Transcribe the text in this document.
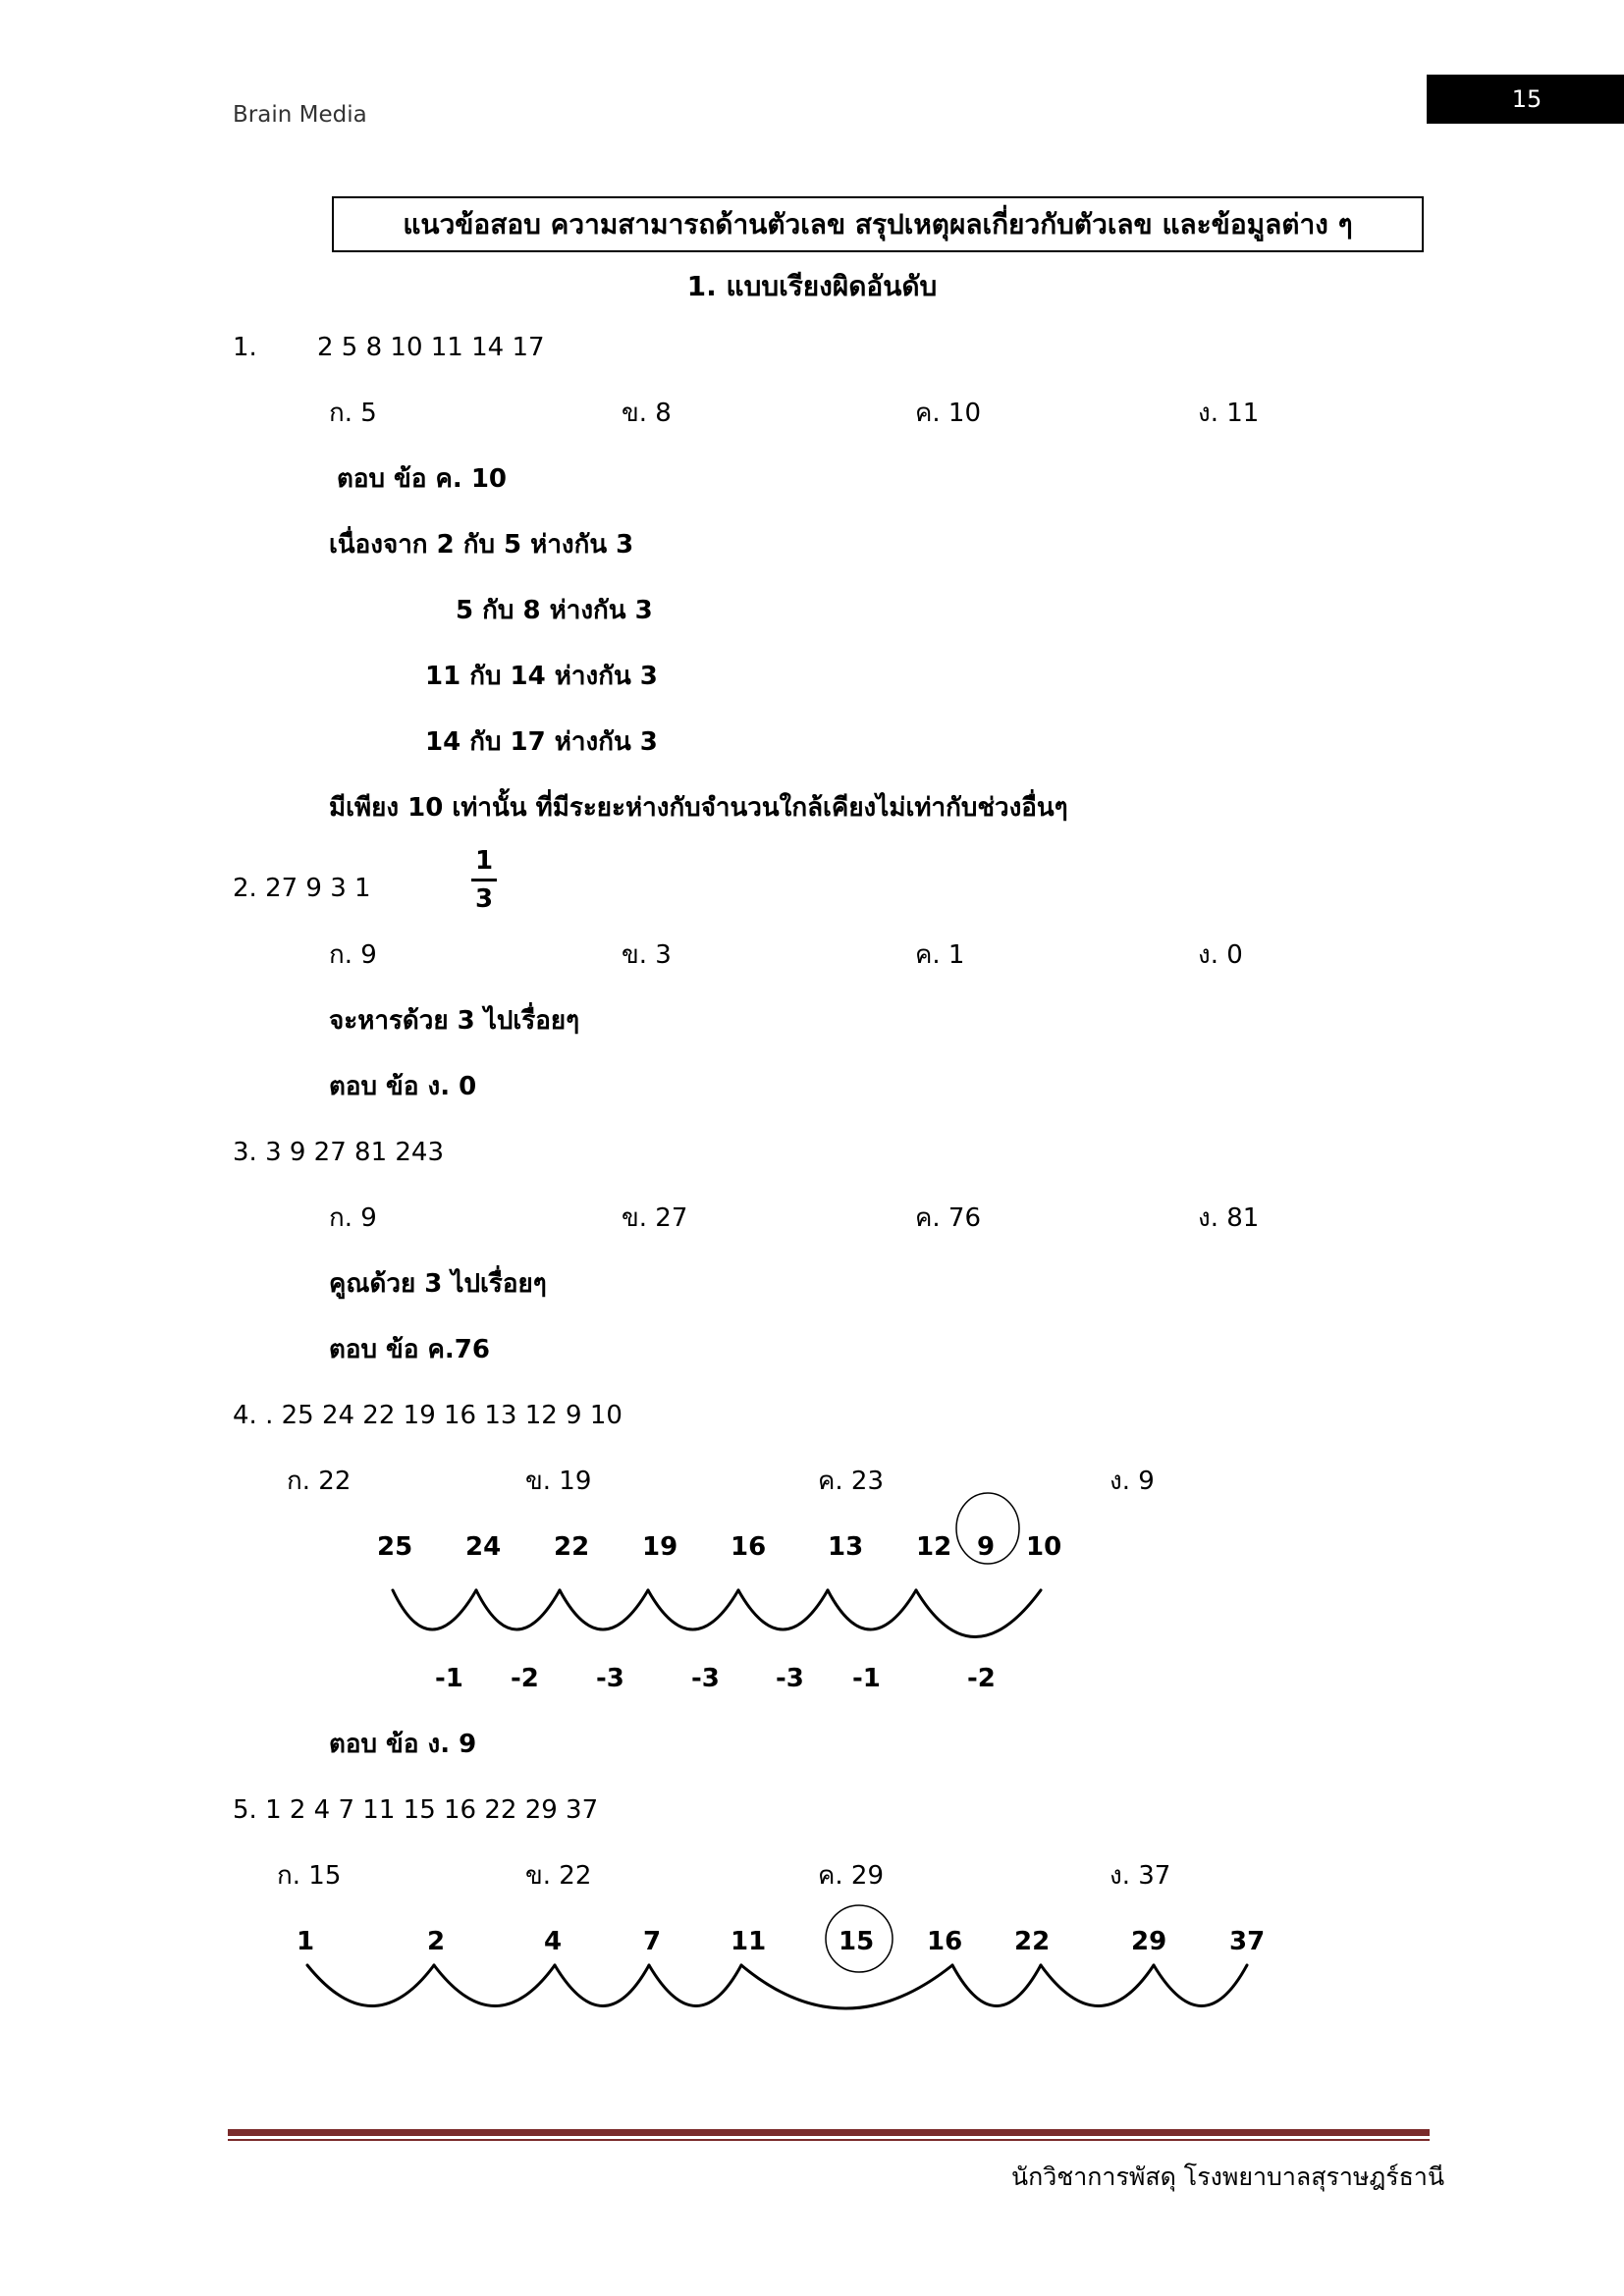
Brain Media
15
แนวข้อสอบ ความสามารถด้านตัวเลข สรุปเหตุผลเกี่ยวกับตัวเลข และข้อมูลต่าง ๆ
1. แบบเรียงผิดอันดับ
1. 2 5 8 10 11 14 17
ก. 5	ข. 8	ค. 10	ง. 11
ตอบ ข้อ ค. 10
เนื่องจาก 2 กับ 5 ห่างกัน 3
5 กับ 8 ห่างกัน 3
11 กับ 14 ห่างกัน 3
14 กับ 17 ห่างกัน 3
มีเพียง 10 เท่านั้น ที่มีระยะห่างกับจำนวนใกล้เคียงไม่เท่ากับช่วงอื่นๆ
2. 27 9 3 1
1
3
ก. 9	ข. 3	ค. 1	ง. 0
จะหารด้วย 3 ไปเรื่อยๆ
ตอบ ข้อ ง. 0
3. 3 9 27 81 243
ก. 9	ข. 27	ค. 76	ง. 81
คูณด้วย 3 ไปเรื่อยๆ
ตอบ ข้อ ค.76
4. . 25 24 22 19 16 13 12 9 10
ก. 22	ข. 19	ค. 23	ง. 9
25 24 22 19 16 13 12 9 10
-1 -2 -3	-3 -3 -1	-2
ตอบ ข้อ ง. 9
5. 1 2 4 7 11 15 16 22 29 37
ก. 15	ข. 22	ค. 29	ง. 37
1	2	4	7	11	15 16 22	29 37
นักวิชาการพัสดุ โรงพยาบาลสุราษฎร์ธานี
